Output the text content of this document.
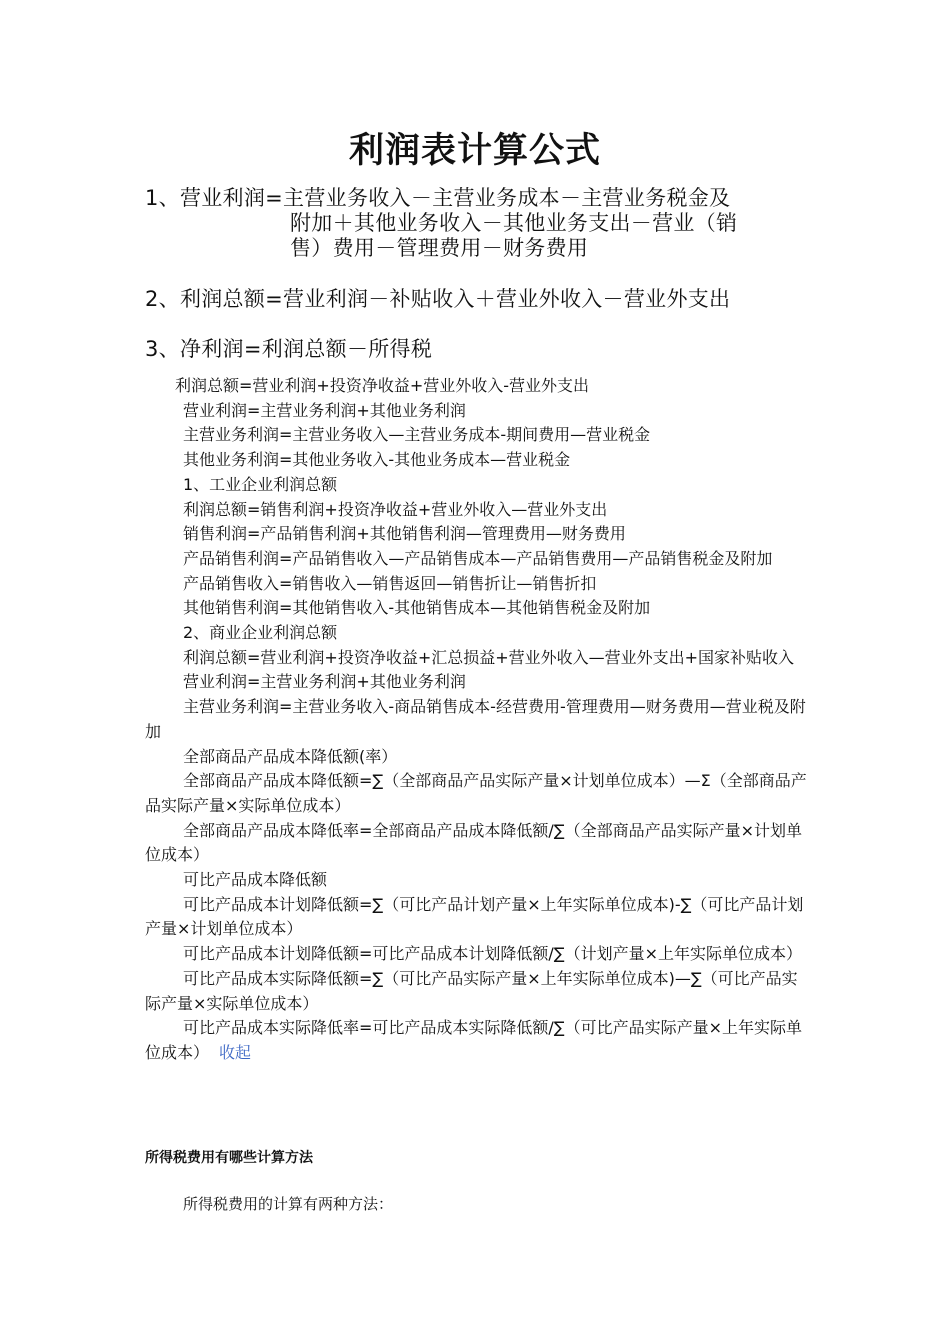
利润表计算公式
1、营业利润=主营业务收入－主营业务成本－主营业务税金及
附加＋其他业务收入－其他业务支出－营业（销
售）费用－管理费用－财务费用
2、利润总额=营业利润－补贴收入＋营业外收入－营业外支出
3、净利润=利润总额－所得税

利润总额=营业利润+投资净收益+营业外收入-营业外支出

营业利润=主营业务利润+其他业务利润

主营业务利润=主营业务收入—主营业务成本-期间费用—营业税金

其他业务利润=其他业务收入-其他业务成本—营业税金

1、工业企业利润总额

利润总额=销售利润+投资净收益+营业外收入—营业外支出

销售利润=产品销售利润+其他销售利润—管理费用—财务费用

产品销售利润=产品销售收入—产品销售成本—产品销售费用—产品销售税金及附加

产品销售收入=销售收入—销售返回—销售折让—销售折扣

其他销售利润=其他销售收入-其他销售成本—其他销售税金及附加

2、商业企业利润总额

利润总额=营业利润+投资净收益+汇总损益+营业外收入—营业外支出+国家补贴收入

营业利润=主营业务利润+其他业务利润

主营业务利润=主营业务收入-商品销售成本-经营费用-管理费用—财务费用—营业税及附加

全部商品产品成本降低额(率）

全部商品产品成本降低额=∑（全部商品产品实际产量×计划单位成本）—Σ（全部商品产品实际产量×实际单位成本）

全部商品产品成本降低率=全部商品产品成本降低额/∑（全部商品产品实际产量×计划单位成本）

可比产品成本降低额

可比产品成本计划降低额=∑（可比产品计划产量×上年实际单位成本)-∑（可比产品计划产量×计划单位成本）

可比产品成本计划降低额=可比产品成本计划降低额/∑（计划产量×上年实际单位成本）

可比产品成本实际降低额=∑（可比产品实际产量×上年实际单位成本)—∑（可比产品实际产量×实际单位成本）

可比产品成本实际降低率=可比产品成本实际降低额/∑（可比产品实际产量×上年实际单位成本） 收起

所得税费用有哪些计算方法
所得税费用的计算有两种方法：
